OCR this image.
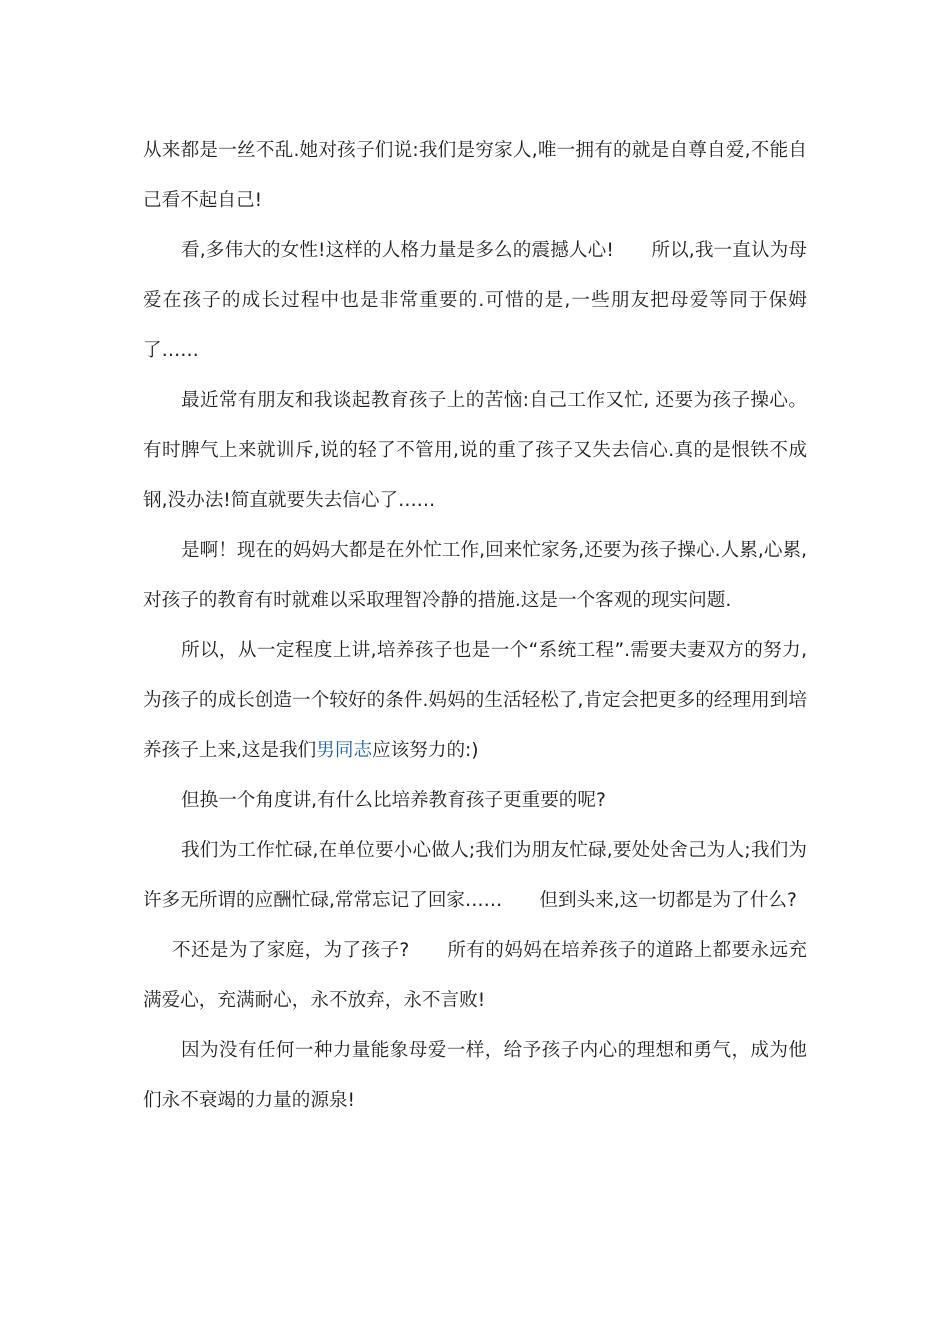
从来都是一丝不乱.她对孩子们说:我们是穷家人,唯一拥有的就是自尊自爱,不能自己看不起自己!

看,多伟大的女性!这样的人格力量是多么的震撼人心!　　所以,我一直认为母爱在孩子的成长过程中也是非常重要的.可惜的是,一些朋友把母爱等同于保姆了……

最近常有朋友和我谈起教育孩子上的苦恼:自己工作又忙, 还要为孩子操心。有时脾气上来就训斥,说的轻了不管用,说的重了孩子又失去信心.真的是恨铁不成钢,没办法!简直就要失去信心了……

是啊！现在的妈妈大都是在外忙工作,回来忙家务,还要为孩子操心.人累,心累,对孩子的教育有时就难以采取理智冷静的措施.这是一个客观的现实问题.

所以，从一定程度上讲,培养孩子也是一个“系统工程”.需要夫妻双方的努力,为孩子的成长创造一个较好的条件.妈妈的生活轻松了,肯定会把更多的经理用到培养孩子上来,这是我们男同志应该努力的:)

但换一个角度讲,有什么比培养教育孩子更重要的呢?

我们为工作忙碌,在单位要小心做人;我们为朋友忙碌,要处处舍己为人;我们为许多无所谓的应酬忙碌,常常忘记了回家……　　但到头来,这一切都是为了什么?

不还是为了家庭，为了孩子?　　所有的妈妈在培养孩子的道路上都要永远充满爱心，充满耐心，永不放弃，永不言败!

因为没有任何一种力量能象母爱一样，给予孩子内心的理想和勇气，成为他们永不衰竭的力量的源泉!
